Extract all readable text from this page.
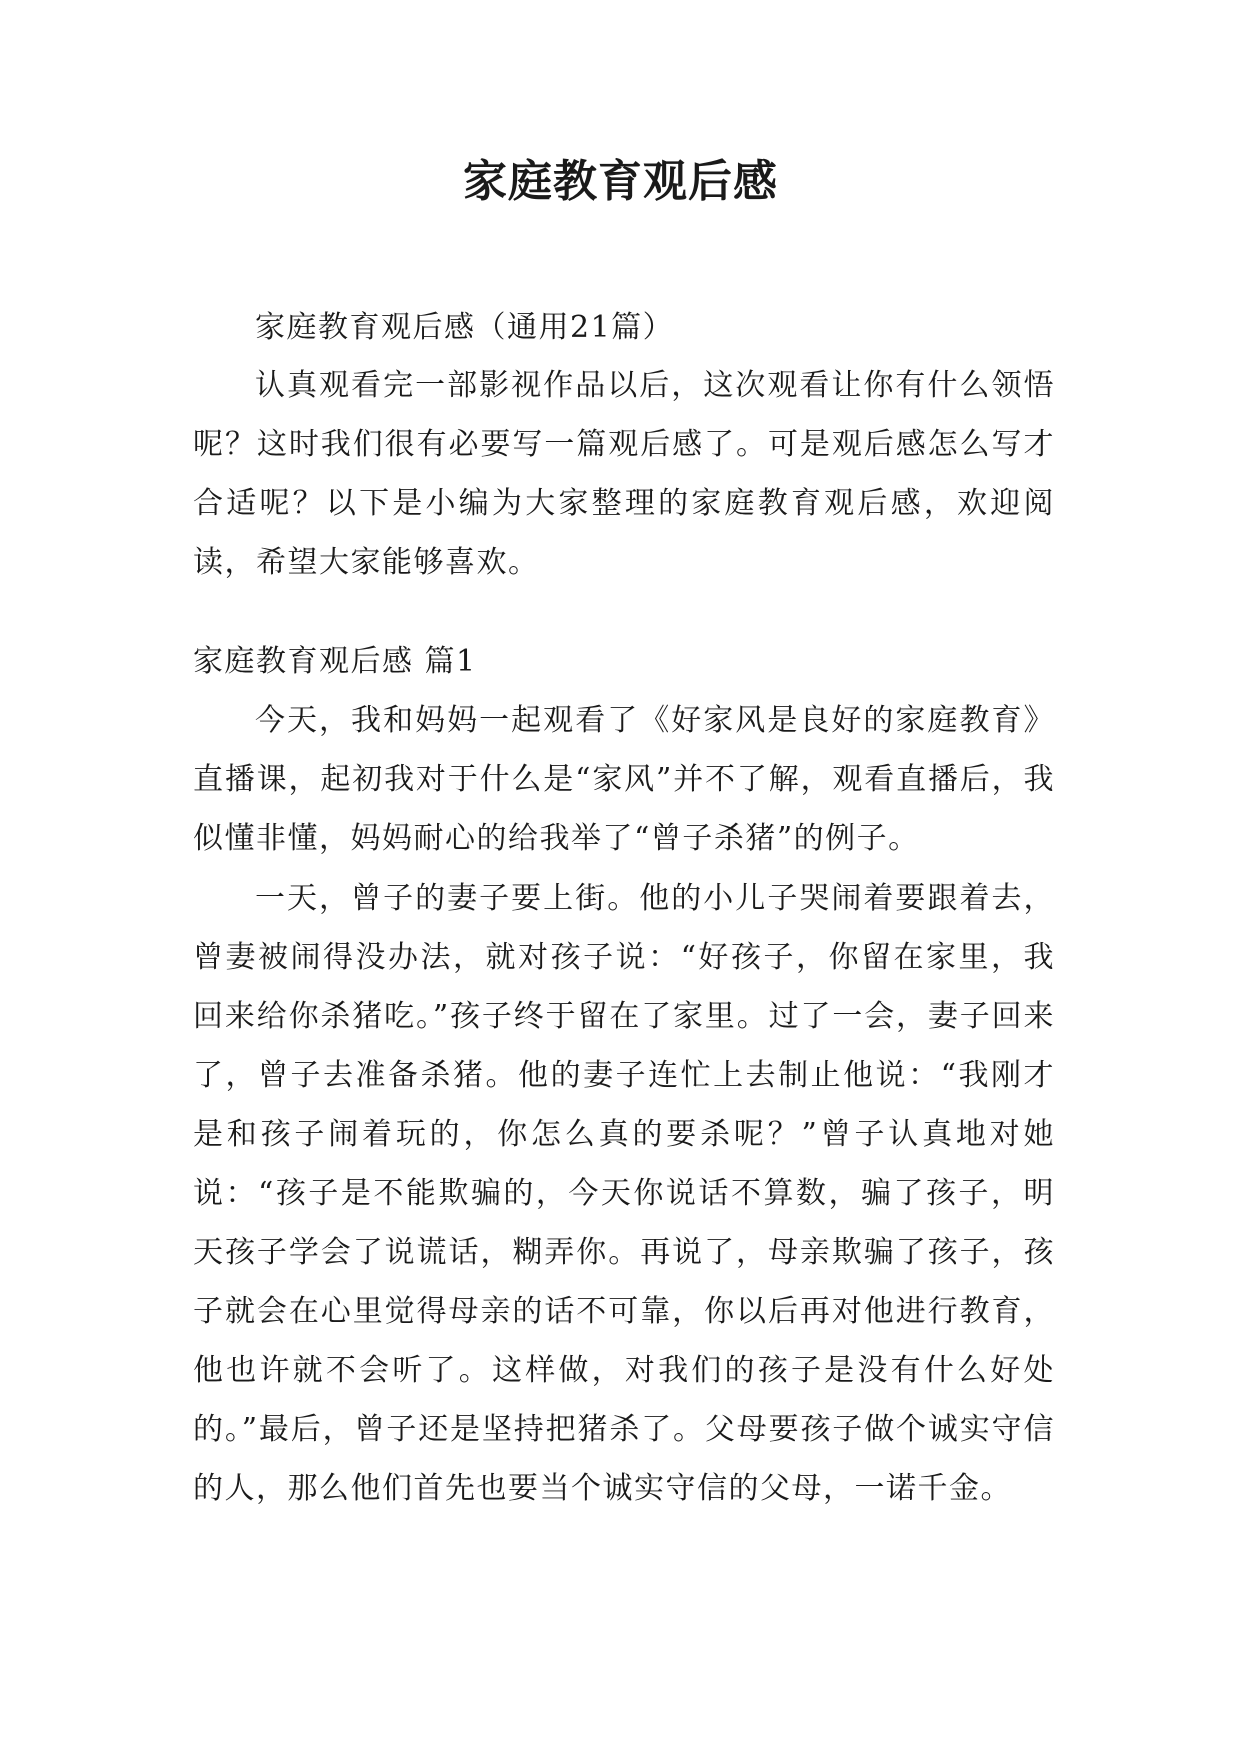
家庭教育观后感

家庭教育观后感（通用21篇）

认真观看完一部影视作品以后，这次观看让你有什么领悟呢？这时我们很有必要写一篇观后感了。可是观后感怎么写才合适呢？以下是小编为大家整理的家庭教育观后感，欢迎阅读，希望大家能够喜欢。

家庭教育观后感 篇1

今天，我和妈妈一起观看了《好家风是良好的家庭教育》直播课，起初我对于什么是“家风”并不了解，观看直播后，我似懂非懂，妈妈耐心的给我举了“曾子杀猪”的例子。

一天，曾子的妻子要上街。他的小儿子哭闹着要跟着去，曾妻被闹得没办法，就对孩子说：“好孩子，你留在家里，我回来给你杀猪吃。”孩子终于留在了家里。过了一会，妻子回来了，曾子去准备杀猪。他的妻子连忙上去制止他说：“我刚才是和孩子闹着玩的，你怎么真的要杀呢？”曾子认真地对她说：“孩子是不能欺骗的，今天你说话不算数，骗了孩子，明天孩子学会了说谎话，糊弄你。再说了，母亲欺骗了孩子，孩子就会在心里觉得母亲的话不可靠，你以后再对他进行教育，他也许就不会听了。这样做，对我们的孩子是没有什么好处的。”最后，曾子还是坚持把猪杀了。父母要孩子做个诚实守信的人，那么他们首先也要当个诚实守信的父母，一诺千金。
